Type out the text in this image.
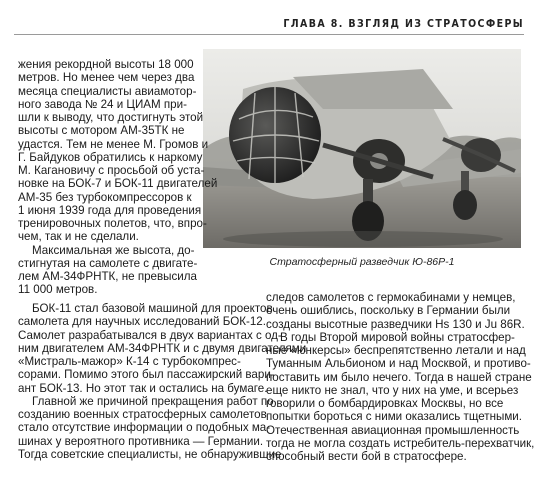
ГЛАВА 8. ВЗГЛЯД ИЗ СТРАТОСФЕРЫ
Стратосферный разведчик Ю-86Р-1
жения рекордной высоты 18 000
метров. Но менее чем через два
месяца специалисты авиамотор-
ного завода № 24 и ЦИАМ при-
шли к выводу, что достигнуть этой
высоты с мотором АМ-35ТК не
удастся. Тем не менее М. Громов и
Г. Байдуков обратились к наркому
М. Кагановичу с просьбой об уста-
новке на БОК-7 и БОК-11 двигателей
АМ-35 без турбокомпрессоров к
1 июня 1939 года для проведения
тренировочных полетов, что, впро-
чем, так и не сделали.
Максимальная же высота, до-
стигнутая на самолете с двигате-
лем АМ-34ФРНТК, не превысила
11 000 метров.
БОК-11 стал базовой машиной для проектов
самолета для научных исследований БОК-12.
Самолет разрабатывался в двух вариантах с од-
ним двигателем АМ-34ФРНТК и с двумя двигателями
«Мистраль-мажор» К-14 с турбокомпрес-
сорами. Помимо этого был пассажирский вари-
ант БОК-13. Но этот так и остались на бумаге.
Главной же причиной прекращения работ по
созданию военных стратосферных самолетов
стало отсутствие информации о подобных ма-
шинах у вероятного противника — Германии.
Тогда советские специалисты, не обнаружившие
следов самолетов с гермокабинами у немцев,
очень ошиблись, поскольку в Германии были
созданы высотные разведчики Hs 130 и Ju 86R.
В годы Второй мировой войны стратосфер-
ные «юнкерсы» беспрепятственно летали и над
Туманным Альбионом и над Москвой, и противо-
поставить им было нечего. Тогда в нашей стране
еще никто не знал, что у них на уме, и всерьез
говорили о бомбардировках Москвы, но все
попытки бороться с ними оказались тщетными.
Отечественная авиационная промышленность
тогда не могла создать истребитель-перехватчик,
способный вести бой в стратосфере.
